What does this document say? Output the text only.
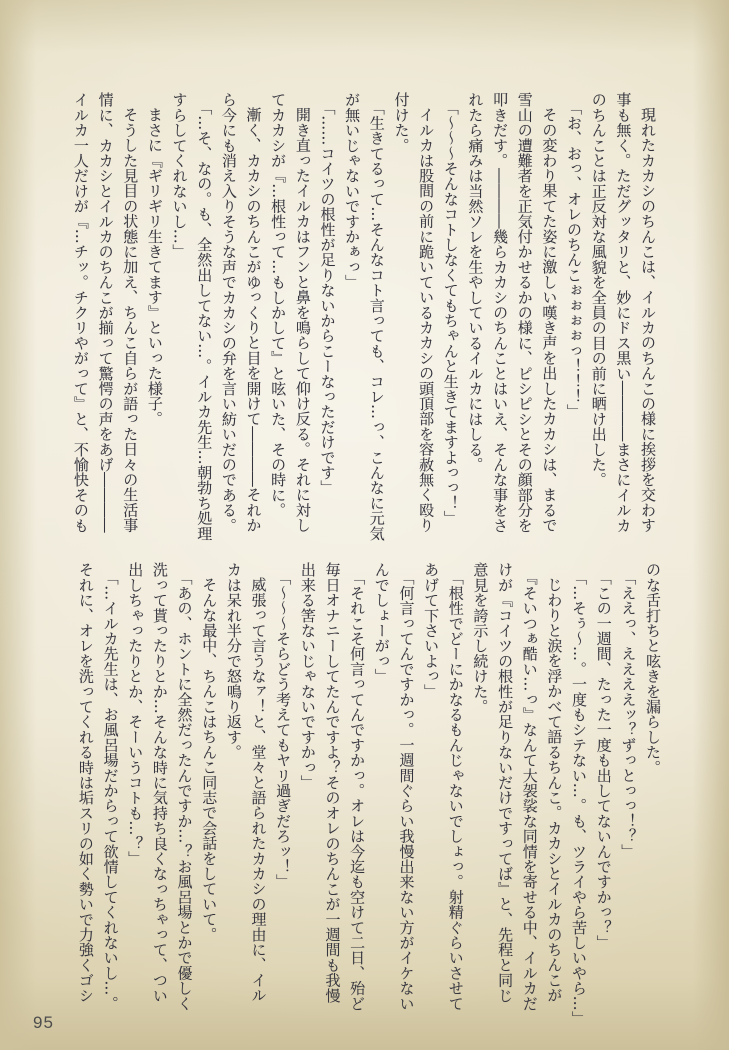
現れたカカシのちんこは、イルカのちんこの様に挨拶を交わす
事も無く。ただグッタリと、妙にドス黒い――――まさにイルカ
のちんことは正反対な風貌を全員の目の前に晒け出した。
「お、おっ、オレのちんこぉぉぉぉっ！！！」
その変わり果てた姿に激しい嘆き声を出したカカシは、まるで
雪山の遭難者を正気付かせるかの様に、ピシピシとその顔部分を
叩きだす。――――幾らカカシのちんことはいえ、そんな事をさ
れたら痛みは当然ソレを生やしているイルカにはしる。
「～～～そんなコトしなくてもちゃんと生きてますよっっ！」
イルカは股間の前に跪いているカカシの頭頂部を容赦無く殴り
付けた。
「生きてるって…そんなコト言っても、コレ…っ、こんなに元気
が無いじゃないですかぁっ」
「……コイツの根性が足りないからこーなっただけです」
開き直ったイルカはフンと鼻を鳴らして仰け反る。それに対し
てカカシが『…根性って…もしかして』と呟いた、その時に。
漸く、カカシのちんこがゆっくりと目を開けて――――それか
ら今にも消え入りそうな声でカカシの弁を言い紡いだのである。
「…そ、なの。も、全然出してない…。イルカ先生…朝勃ち処理
すらしてくれないし…」
まさに『ギリギリ生きてます』といった様子。
そうした見目の状態に加え、ちんこ自らが語った日々の生活事
情に、カカシとイルカのちんこが揃って驚愕の声をあげ――――
イルカ一人だけが『…チッ。チクリやがって』と、不愉快そのも
のな舌打ちと呟きを漏らした。
「ええっ、ええええッ？ずっとっっ！？」
「この一週間、たった一度も出してないんですかっ？」
「…そぅ～…。一度もシテない…。も、ツライやら苦しいやら…」
じわりと涙を浮かべて語るちんこ。カカシとイルカのちんこが
『そいつぁ酷い…っ』なんて大袈裟な同情を寄せる中、イルカだ
けが『コイツの根性が足りないだけですってば』と、先程と同じ
意見を誇示し続けた。
「根性でどーにかなるもんじゃないでしょっ。射精ぐらいさせて
あげて下さいよっ」
「何言ってんですかっ。一週間ぐらい我慢出来ない方がイケない
んでしょーがっ」
「それこそ何言ってんですかっ。オレは今迄も空けて二日、殆ど
毎日オナニーしてたんですよ？そのオレのちんこが一週間も我慢
出来る筈ないじゃないですかっ」
「～～～そらどう考えてもヤリ過ぎだろッ！」
威張って言うなァ！と、堂々と語られたカカシの理由に、イル
カは呆れ半分で怒鳴り返す。
そんな最中、ちんこはちんこ同志で会話をしていて。
「あの、ホントに全然だったんですか…？お風呂場とかで優しく
洗って貰ったりとか…そんな時に気持ち良くなっちゃって、つい
出しちゃったりとか、そーいうコトも…？」
「…イルカ先生は、お風呂場だからって欲情してくれないし…。
それに、オレを洗ってくれる時は垢スリの如く勢いで力強くゴシ
95
